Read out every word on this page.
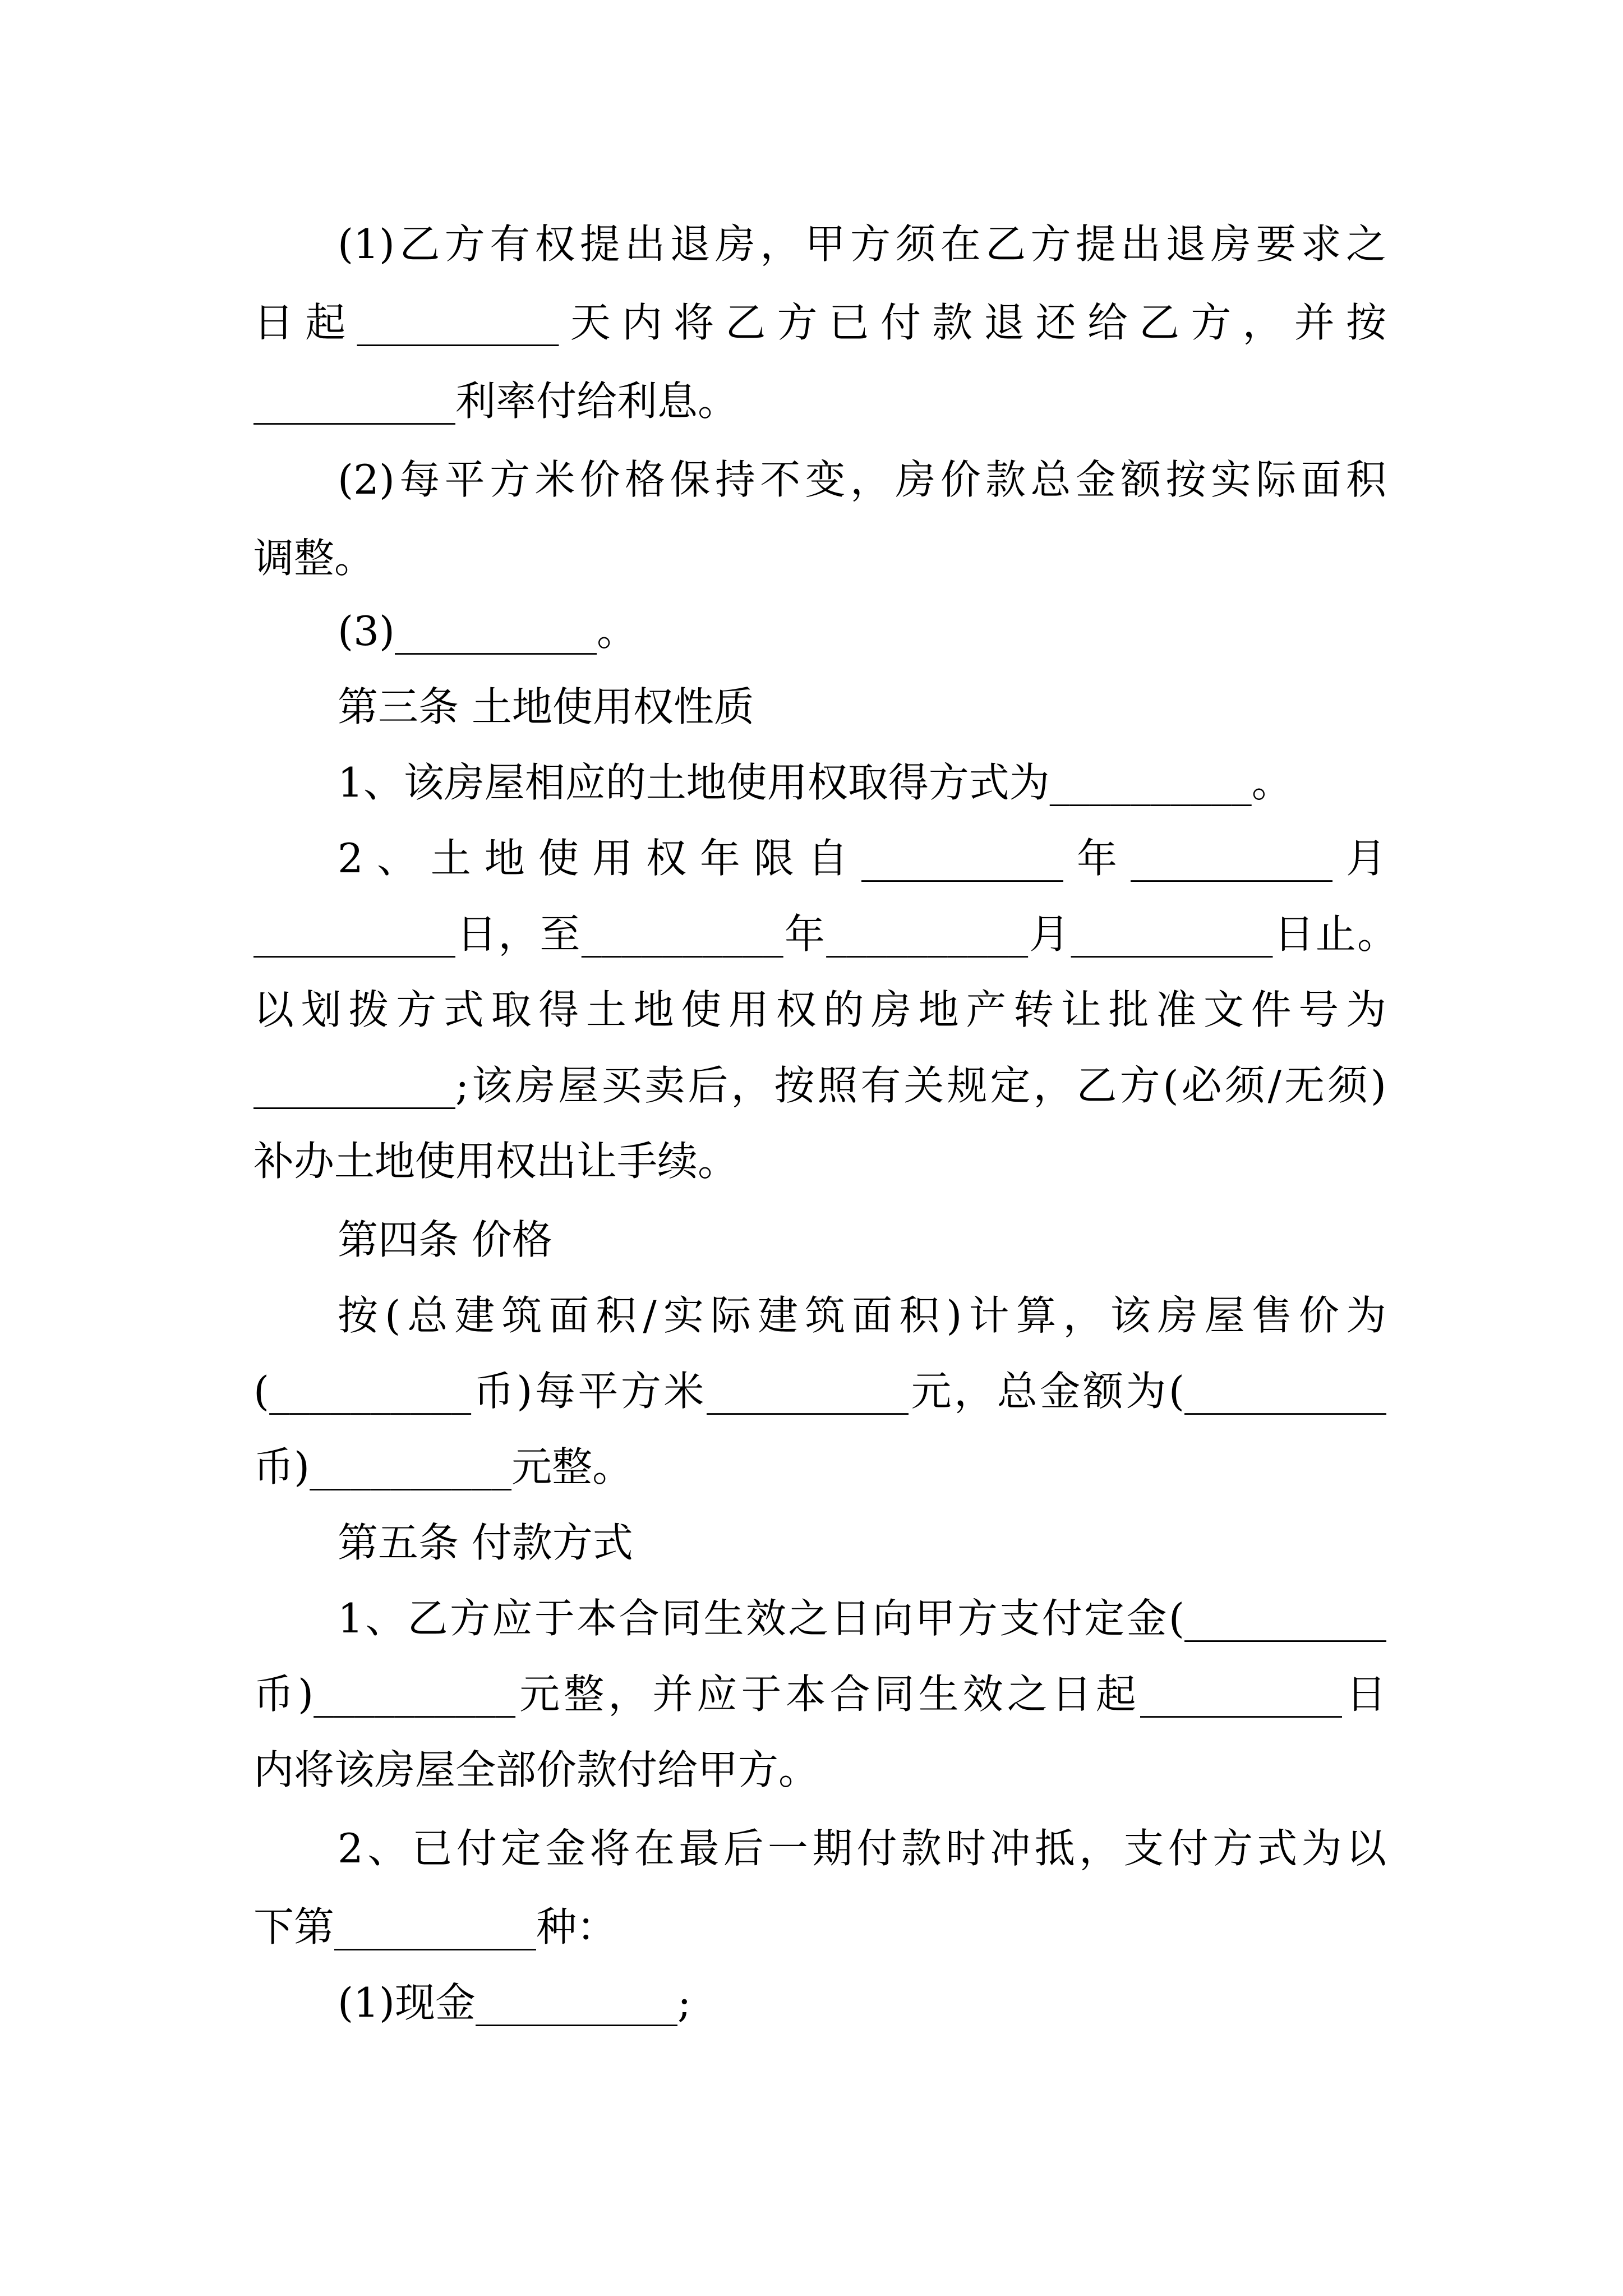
(1)乙方有权提出退房，甲方须在乙方提出退房要求之
日起__________天内将乙方已付款退还给乙方，并按
__________利率付给利息。
(2)每平方米价格保持不变，房价款总金额按实际面积
调整。
(3)__________。
第三条 土地使用权性质
1、该房屋相应的土地使用权取得方式为__________。
2、土地使用权年限自__________年__________月
__________日，至__________年__________月__________日止。
以划拨方式取得土地使用权的房地产转让批准文件号为
__________;该房屋买卖后，按照有关规定，乙方(必须/无须)
补办土地使用权出让手续。
第四条 价格
按(总建筑面积/实际建筑面积)计算，该房屋售价为
(__________币)每平方米__________元，总金额为(__________
币)__________元整。
第五条 付款方式
1、乙方应于本合同生效之日向甲方支付定金(__________
币)__________元整，并应于本合同生效之日起__________日
内将该房屋全部价款付给甲方。
2、已付定金将在最后一期付款时冲抵，支付方式为以
下第__________种：
(1)现金__________;
